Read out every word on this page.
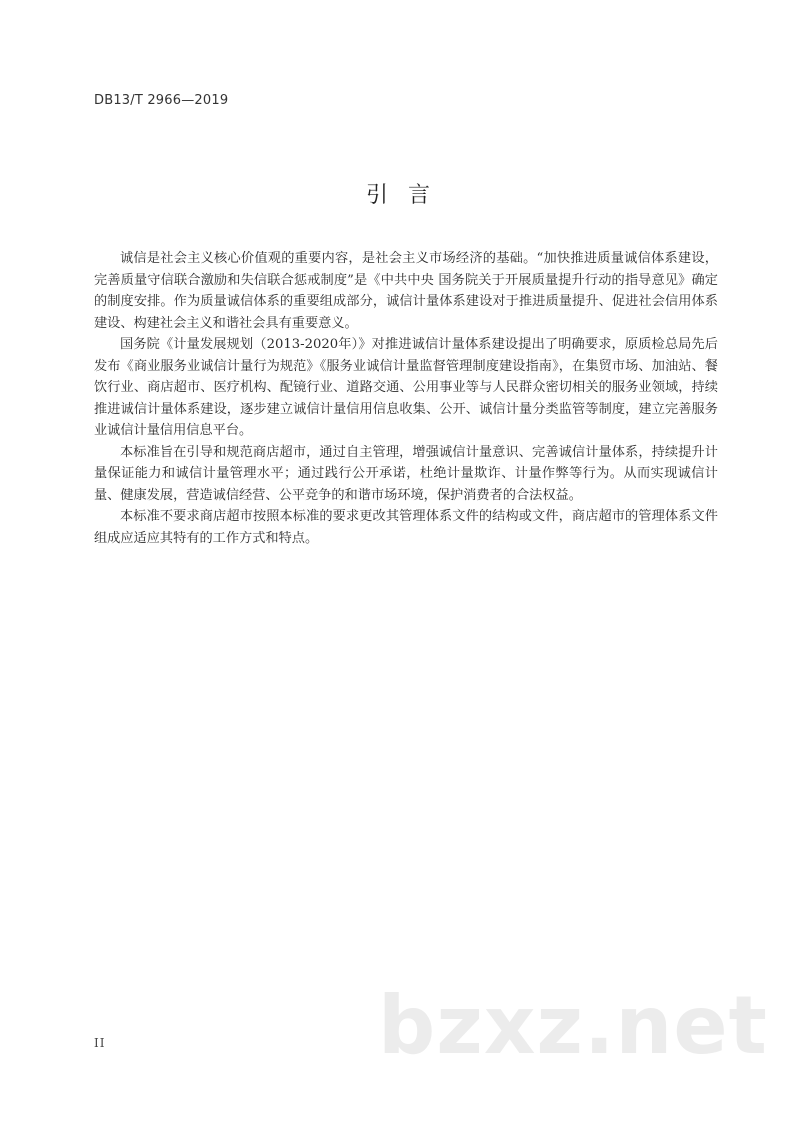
DB13/T 2966—2019
引言

诚信是社会主义核心价值观的重要内容，是社会主义市场经济的基础。“加快推进质量诚信体系建设，完善质量守信联合激励和失信联合惩戒制度”是《中共中央 国务院关于开展质量提升行动的指导意见》确定的制度安排。作为质量诚信体系的重要组成部分，诚信计量体系建设对于推进质量提升、促进社会信用体系建设、构建社会主义和谐社会具有重要意义。

国务院《计量发展规划（2013-2020年）》对推进诚信计量体系建设提出了明确要求，原质检总局先后发布《商业服务业诚信计量行为规范》《服务业诚信计量监督管理制度建设指南》，在集贸市场、加油站、餐饮行业、商店超市、医疗机构、配镜行业、道路交通、公用事业等与人民群众密切相关的服务业领域，持续推进诚信计量体系建设，逐步建立诚信计量信用信息收集、公开、诚信计量分类监管等制度，建立完善服务业诚信计量信用信息平台。

本标准旨在引导和规范商店超市，通过自主管理，增强诚信计量意识、完善诚信计量体系，持续提升计量保证能力和诚信计量管理水平；通过践行公开承诺，杜绝计量欺诈、计量作弊等行为。从而实现诚信计量、健康发展，营造诚信经营、公平竞争的和谐市场环境，保护消费者的合法权益。

本标准不要求商店超市按照本标准的要求更改其管理体系文件的结构或文件，商店超市的管理体系文件组成应适应其特有的工作方式和特点。

bzxz.net
II
